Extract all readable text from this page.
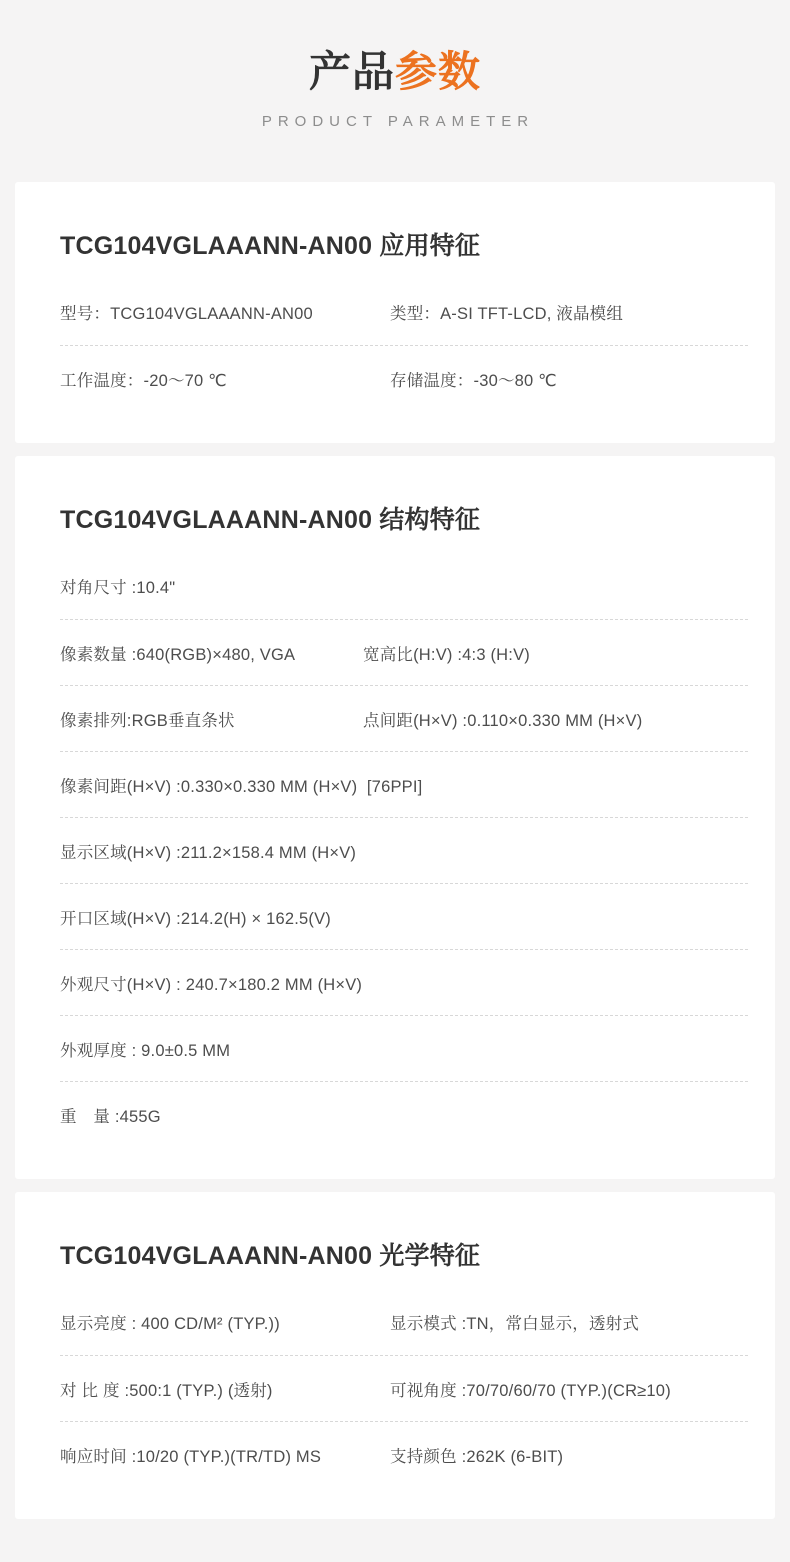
产品参数
PRODUCT PARAMETER
TCG104VGLAAANN-AN00 应用特征
型号：TCG104VGLAAANN-AN00	类型：A-SI TFT-LCD, 液晶模组
工作温度：-20～70 ℃	存储温度：-30～80 ℃
TCG104VGLAAANN-AN00 结构特征
对角尺寸 :10.4"
像素数量 :640(RGB)×480, VGA	宽高比(H:V) :4:3 (H:V)
像素排列:RGB垂直条状	点间距(H×V) :0.110×0.330 MM (H×V)
像素间距(H×V) :0.330×0.330 MM (H×V)  [76PPI]
显示区域(H×V) :211.2×158.4 MM (H×V)
开口区域(H×V) :214.2(H) × 162.5(V)
外观尺寸(H×V) : 240.7×180.2 MM (H×V)
外观厚度 : 9.0±0.5 MM
重　量 :455G
TCG104VGLAAANN-AN00 光学特征
显示亮度 : 400 CD/M² (TYP.))	显示模式 :TN，常白显示，透射式
对 比 度 :500:1 (TYP.) (透射)	可视角度 :70/70/60/70 (TYP.)(CR≥10)
响应时间 :10/20 (TYP.)(TR/TD) MS	支持颜色 :262K (6-BIT)
